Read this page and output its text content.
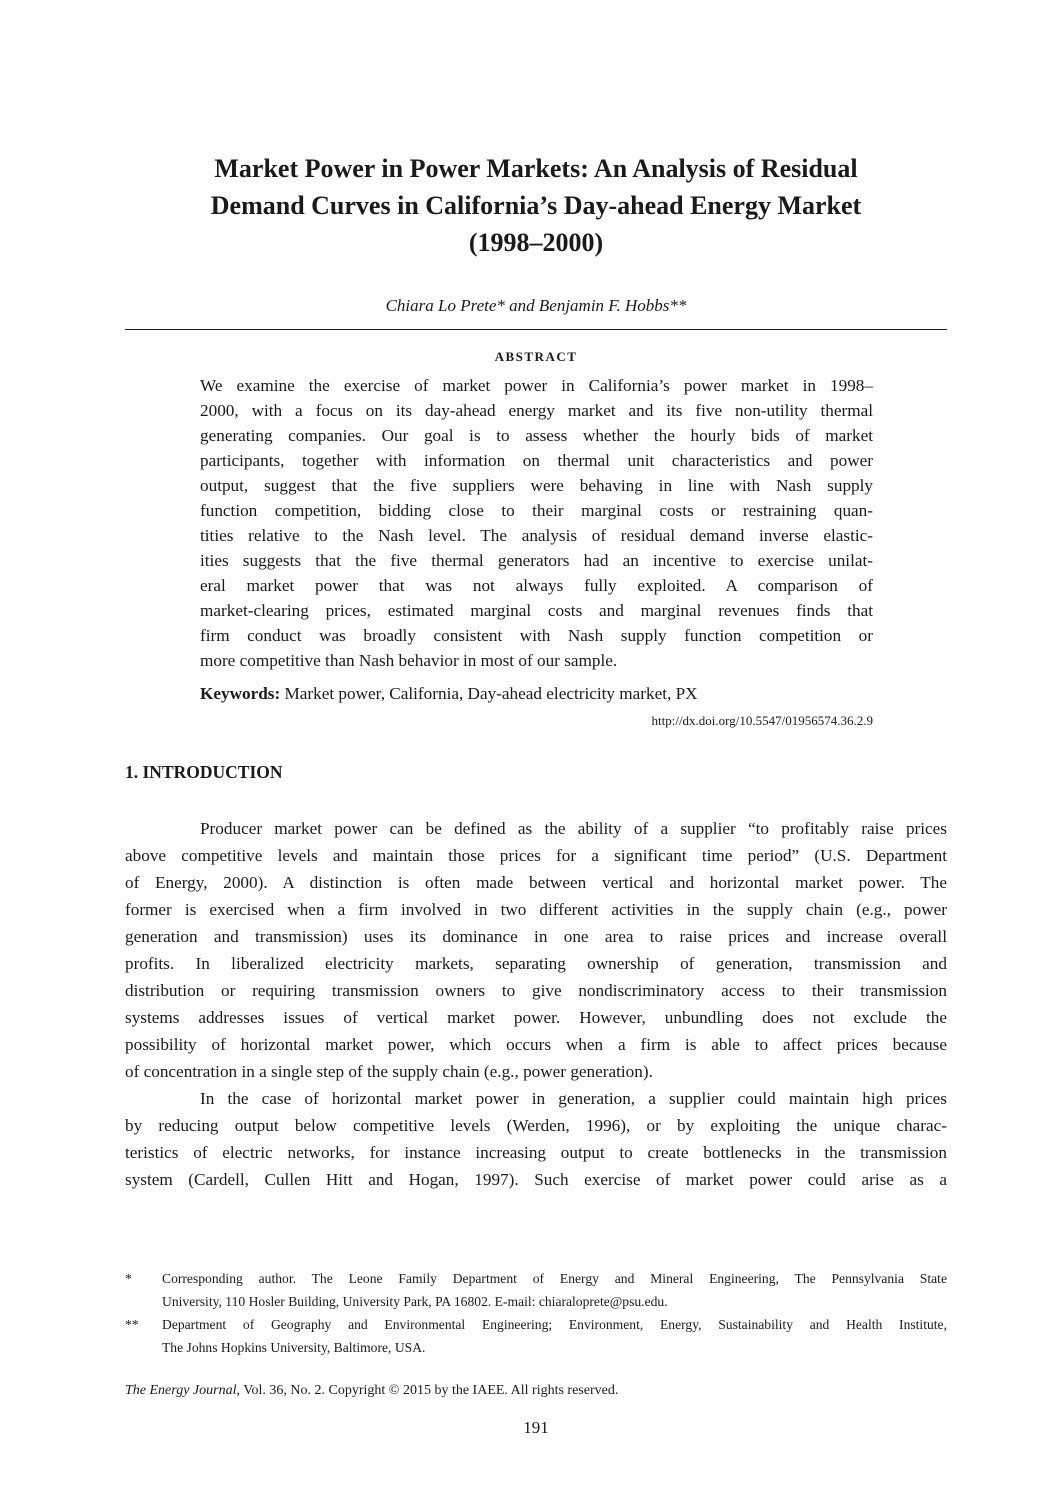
Market Power in Power Markets: An Analysis of Residual
Demand Curves in California’s Day-ahead Energy Market
(1998–2000)

Chiara Lo Prete* and Benjamin F. Hobbs**

ABSTRACT
We examine the exercise of market power in California’s power market in 1998–
2000, with a focus on its day-ahead energy market and its five non-utility thermal
generating companies. Our goal is to assess whether the hourly bids of market
participants, together with information on thermal unit characteristics and power
output, suggest that the five suppliers were behaving in line with Nash supply
function competition, bidding close to their marginal costs or restraining quan-
tities relative to the Nash level. The analysis of residual demand inverse elastic-
ities suggests that the five thermal generators had an incentive to exercise unilat-
eral market power that was not always fully exploited. A comparison of
market-clearing prices, estimated marginal costs and marginal revenues finds that
firm conduct was broadly consistent with Nash supply function competition or
more competitive than Nash behavior in most of our sample.
Keywords: Market power, California, Day-ahead electricity market, PX
http://dx.doi.org/10.5547/01956574.36.2.9
1. INTRODUCTION
Producer market power can be defined as the ability of a supplier “to profitably raise prices
above competitive levels and maintain those prices for a significant time period” (U.S. Department
of Energy, 2000). A distinction is often made between vertical and horizontal market power. The
former is exercised when a firm involved in two different activities in the supply chain (e.g., power
generation and transmission) uses its dominance in one area to raise prices and increase overall
profits. In liberalized electricity markets, separating ownership of generation, transmission and
distribution or requiring transmission owners to give nondiscriminatory access to their transmission
systems addresses issues of vertical market power. However, unbundling does not exclude the
possibility of horizontal market power, which occurs when a firm is able to affect prices because
of concentration in a single step of the supply chain (e.g., power generation).
In the case of horizontal market power in generation, a supplier could maintain high prices
by reducing output below competitive levels (Werden, 1996), or by exploiting the unique charac-
teristics of electric networks, for instance increasing output to create bottlenecks in the transmission
system (Cardell, Cullen Hitt and Hogan, 1997). Such exercise of market power could arise as a
*	Corresponding author. The Leone Family Department of Energy and Mineral Engineering, The Pennsylvania State
University, 110 Hosler Building, University Park, PA 16802. E-mail: chiaraloprete@psu.edu.
**	Department of Geography and Environmental Engineering; Environment, Energy, Sustainability and Health Institute,
The Johns Hopkins University, Baltimore, USA.
The Energy Journal, Vol. 36, No. 2. Copyright © 2015 by the IAEE. All rights reserved.
191
